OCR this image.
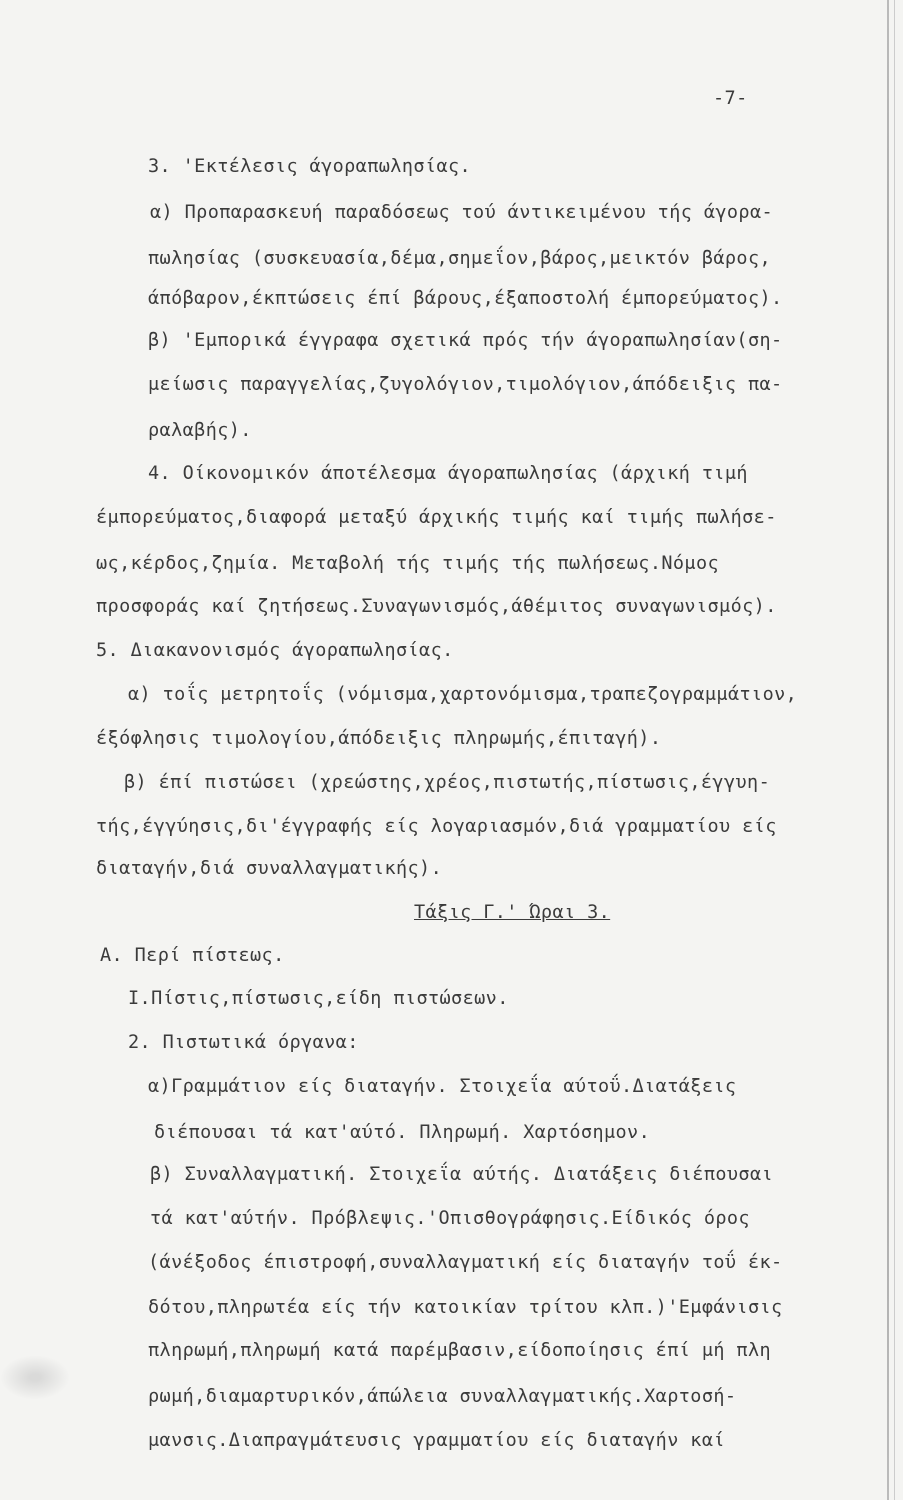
-7-
3. 'Εκτέλεσις άγοραπωλησίας.
α) Προπαρασκευή παραδόσεως τού άντικειμένου τής άγορα-
πωλησίας (συσκευασία,δέμα,σημεΐον,βάρος,μεικτόν βάρος,
άπόβαρον,έκπτώσεις έπί βάρους,έξαποστολή έμπορεύματος).
β) 'Εμπορικά έγγραφα σχετικά πρός τήν άγοραπωλησίαν(ση-
μείωσις παραγγελίας,ζυγολόγιον,τιμολόγιον,άπόδειξις πα-
ραλαβής).
4. Οίκονομικόν άποτέλεσμα άγοραπωλησίας (άρχική τιμή
έμπορεύματος,διαφορά μεταξύ άρχικής τιμής καί τιμής πωλήσε-
ως,κέρδος,ζημία. Μεταβολή τής τιμής τής πωλήσεως.Νόμος
προσφοράς καί ζητήσεως.Συναγωνισμός,άθέμιτος συναγωνισμός).
5. Διακανονισμός άγοραπωλησίας.
α) τοΐς μετρητοΐς (νόμισμα,χαρτονόμισμα,τραπεζογραμμάτιον,
έξόφλησις τιμολογίου,άπόδειξις πληρωμής,έπιταγή).
β) έπί πιστώσει (χρεώστης,χρέος,πιστωτής,πίστωσις,έγγυη-
τής,έγγύησις,δι'έγγραφής είς λογαριασμόν,διά γραμματίου είς
διαταγήν,διά συναλλαγματικής).
Τάξις Γ.' Ώραι 3.
Α. Περί πίστεως.
Ι.Πίστις,πίστωσις,είδη πιστώσεων.
2. Πιστωτικά όργανα:
α)Γραμμάτιον είς διαταγήν. Στοιχεΐα αύτοΰ.Διατάξεις
διέπουσαι τά κατ'αύτό. Πληρωμή. Χαρτόσημον.
β) Συναλλαγματική. Στοιχεΐα αύτής. Διατάξεις διέπουσαι
τά κατ'αύτήν. Πρόβλεψις.'Οπισθογράφησις.Είδικός όρος
(άνέξοδος έπιστροφή,συναλλαγματική είς διαταγήν τοΰ έκ-
δότου,πληρωτέα είς τήν κατοικίαν τρίτου κλπ.)'Εμφάνισις
πληρωμή,πληρωμή κατά παρέμβασιν,είδοποίησις έπί μή πλη
ρωμή,διαμαρτυρικόν,άπώλεια συναλλαγματικής.Χαρτοσή-
μανσις.Διαπραγμάτευσις γραμματίου είς διαταγήν καί
